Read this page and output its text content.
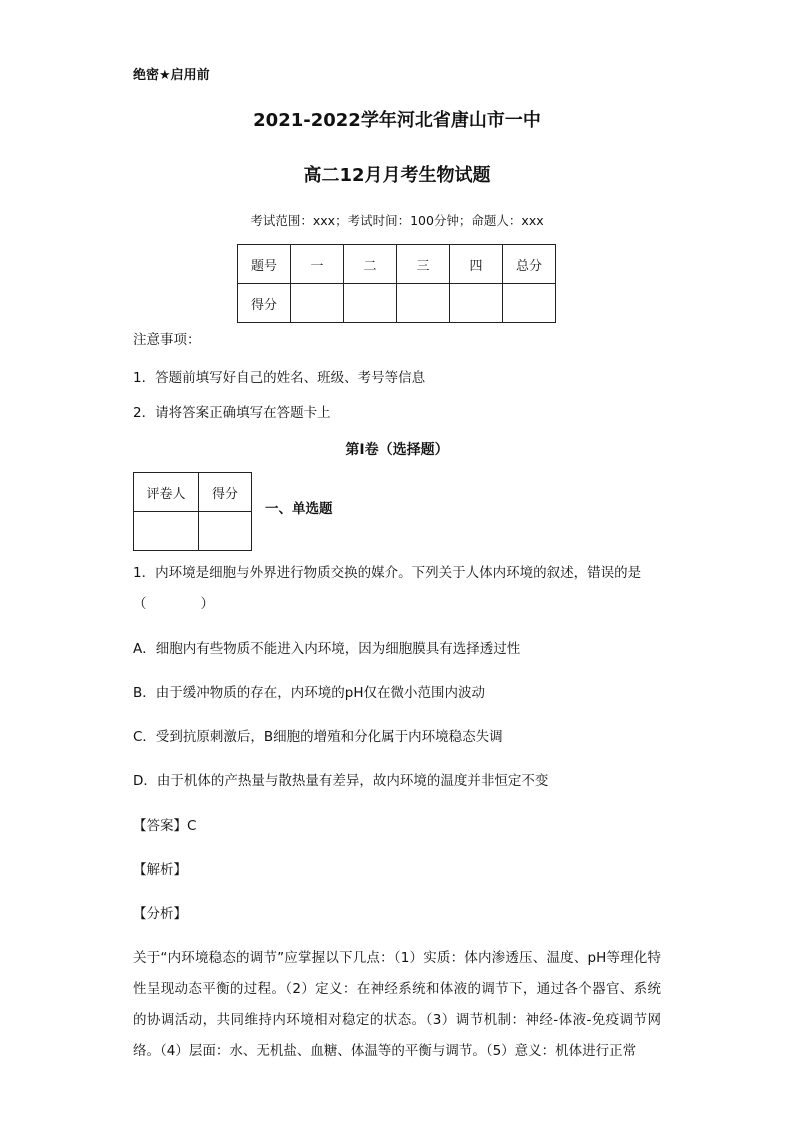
绝密★启用前
2021-2022学年河北省唐山市一中
高二12月月考生物试题
考试范围：xxx；考试时间：100分钟；命题人：xxx
题号	一	二	三	四	总分
得分					
注意事项：
1．答题前填写好自己的姓名、班级、考号等信息
2．请将答案正确填写在答题卡上
第I卷（选择题）
评卷人	得分

一、单选题
1．内环境是细胞与外界进行物质交换的媒介。下列关于人体内环境的叙述，错误的是
（　　　　）
A．细胞内有些物质不能进入内环境，因为细胞膜具有选择透过性
B．由于缓冲物质的存在，内环境的pH仅在微小范围内波动
C．受到抗原刺激后，B细胞的增殖和分化属于内环境稳态失调
D．由于机体的产热量与散热量有差异，故内环境的温度并非恒定不变
【答案】C
【解析】
【分析】
关于“内环境稳态的调节”应掌握以下几点：（1）实质：体内渗透压、温度、pH等理化特性呈现动态平衡的过程。（2）定义：在神经系统和体液的调节下，通过各个器官、系统的协调活动，共同维持内环境相对稳定的状态。（3）调节机制：神经-体液-免疫调节网络。（4）层面：水、无机盐、血糖、体温等的平衡与调节。（5）意义：机体进行正常
